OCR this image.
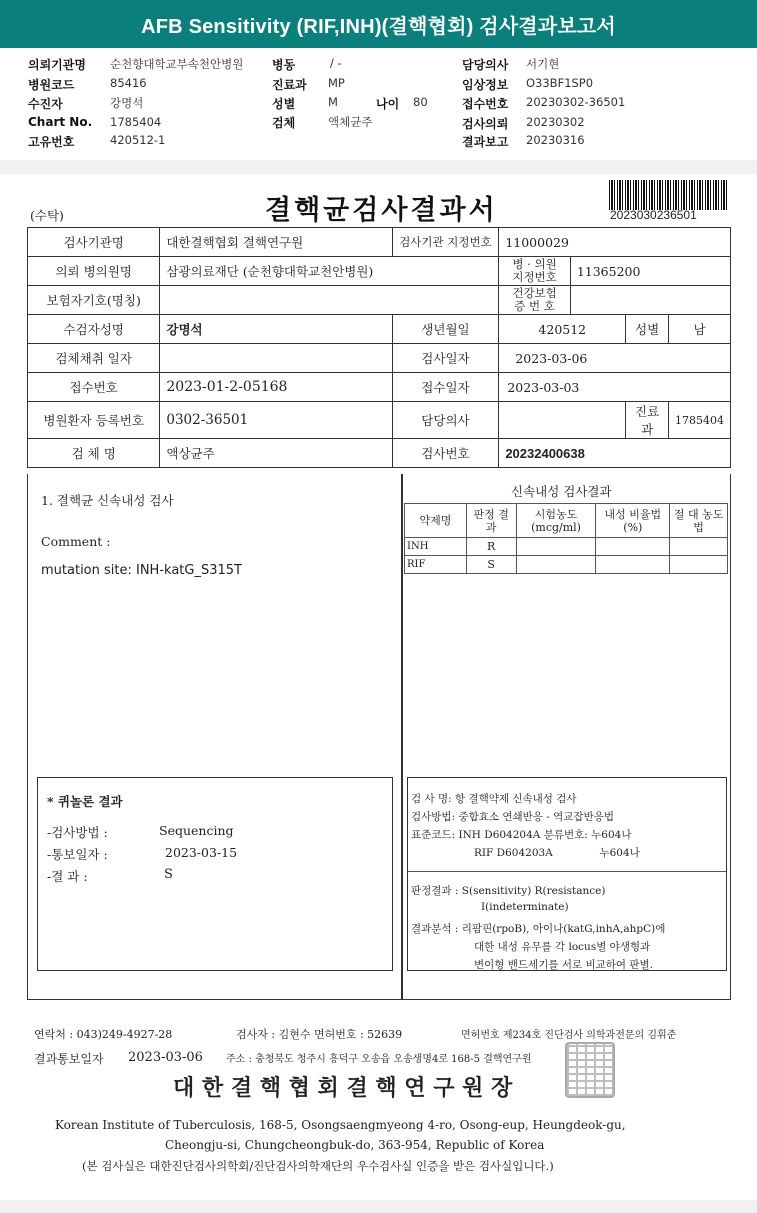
AFB Sensitivity (RIF,INH)(결핵협회) 검사결과보고서
의뢰기관명 순천향대학교부속천안병원
병원코드	85416
수진자	강명석
Chart No. 1785404
고유번호	420512-1
병동	/ -
진료과 MP
성별	M	나이 80
검체	액체균주
담당의사 서기현
임상정보 O33BF1SP0
접수번호 20230302-36501
검사의뢰 20230302
결과보고 20230316
(수탁)	결핵균검사결과서	2023030236501
검사기관명	대한결핵협회 결핵연구원	검사기관 지정번호	11000029			
의뢰 병의원명	삼광의료재단 (순천향대학교천안병원)		병 · 의원 지정번호	11365200		
보험자기호(명칭)			건강보험 증 번 호			
수검자성명	강명석	생년월일	420512		성별	남
검체채취 일자		검사일자	2023-03-06			
접수번호	2023-01-2-05168	접수일자	2023-03-03			
병원환자 등록번호	0302-36501	담당의사			진료과	1785404
검 체 명	액상균주	검사번호	20232400638			
1. 결핵균 신속내성 검사
Comment :
mutation site: INH-katG_S315T
* 퀴놀론 결과
-검사방법 :	Sequencing
-통보일자 :	2023-03-15
-결 과 :	S
신속내성 검사결과
약제명	판정 결과	시험농도 (mcg/ml)	내성 비율법(%)	절 대 농도법
INH	R			
RIF	S			
검 사 명: 항 결핵약제 신속내성 검사
검사방법: 중합효소 연쇄반응 - 역교잡반응법
표준코드: INH D604204A 분류번호: 누604나
RIF D604203A              누604나
판정결과 : S(sensitivity) R(resistance)
I(indeterminate)
결과분석 : 리팜핀(rpoB), 아이나(katG,inhA,ahpC)에
대한 내성 유무를 각 locus별 야생형과
변이형 밴드세기를 서로 비교하여 판별.
연락처 : 043)249-4927-28	검사자 : 김현수 면허번호 : 52639	면허번호 제234호 진단검사 의학과전문의 김휘준
결과통보일자 2023-03-06 주소 : 충청북도 청주시 흥덕구 오송읍 오송생명4로 168-5 결핵연구원
대 한 결 핵 협 회 결 핵 연 구 원 장
Korean Institute of Tuberculosis, 168-5, Osongsaengmyeong 4-ro, Osong-eup, Heungdeok-gu,
Cheongju-si, Chungcheongbuk-do, 363-954, Republic of Korea
(본 검사실은 대한진단검사의학회/진단검사의학재단의 우수검사실 인증을 받은 검사실입니다.)
